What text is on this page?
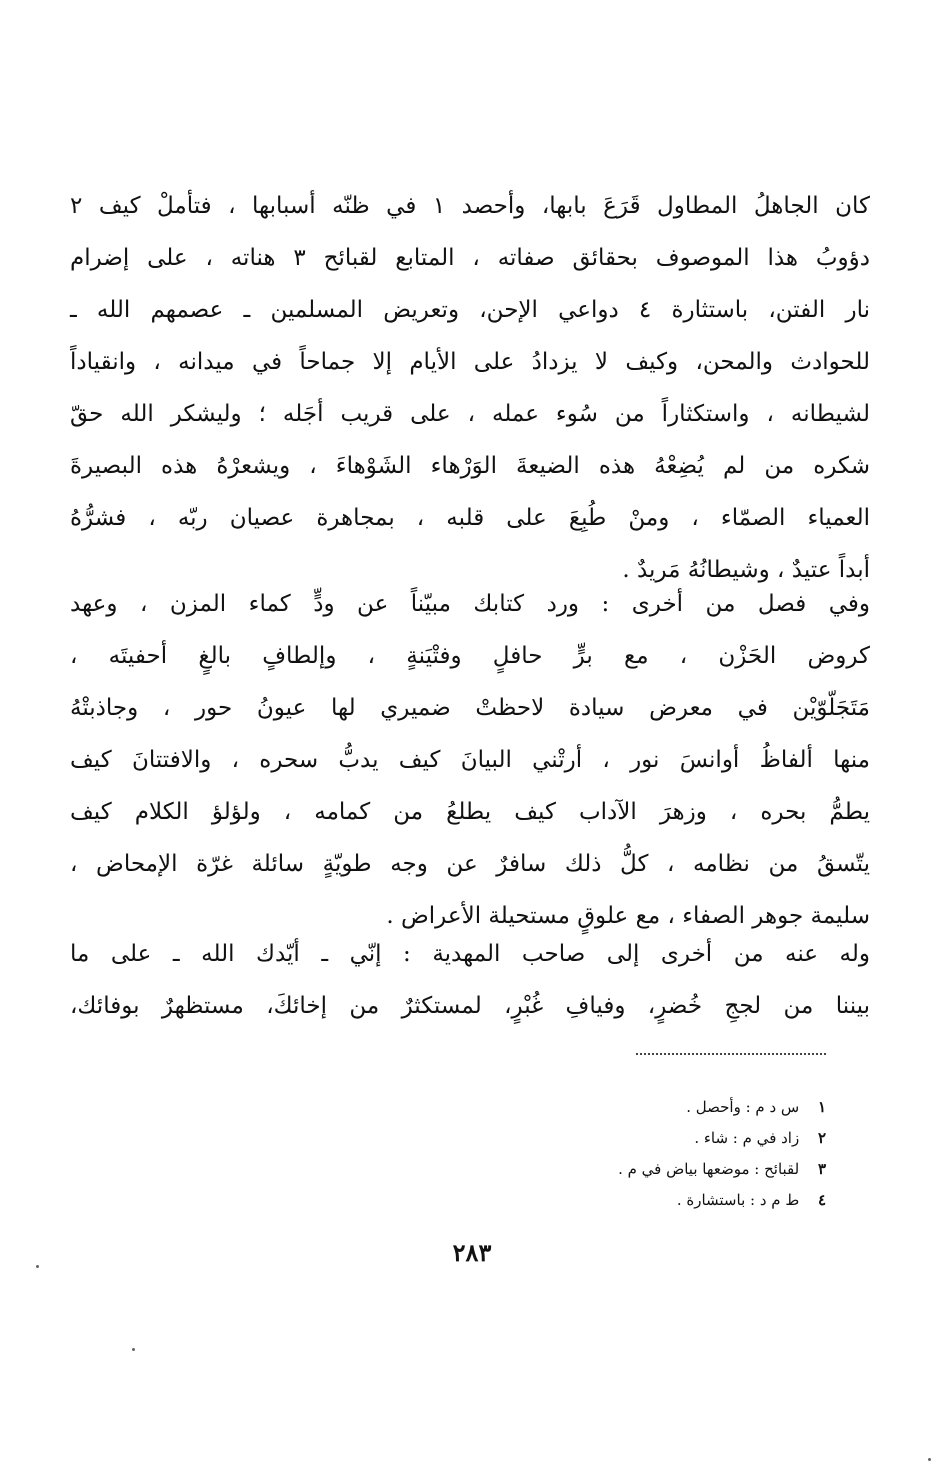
كان الجاهلُ المطاول قَرَعَ بابها، وأحصد ١ في ظنّه أسبابها ، فتأملْ كيف ٢
دؤوبُ هذا الموصوف بحقائق صفاته ، المتابع لقبائح ٣ هناته ، على إضرام
نار الفتن، باستثارة ٤ دواعي الإحن، وتعريض المسلمين ـ عصمهم الله ـ
للحوادث والمحن، وكيف لا يزدادُ على الأيام إلا جماحاً في ميدانه ، وانقياداً
لشيطانه ، واستكثاراً من سُوء عمله ، على قريب أجَله ؛ وليشكر الله حقّ
شكره من لم يُضِعْهُ هذه الضيعةَ الوَرْهاء الشَوْهاءَ ، ويشعرْهُ هذه البصيرةَ
العمياء الصمّاء ، ومنْ طُبِعَ على قلبه ، بمجاهرة عصيان ربّه ، فشرُّهُ
أبداً عتيدٌ ، وشيطانُهُ مَريدٌ .
وفي فصل من أخرى : ورد كتابك مبيّناً عن ودٍّ كماء المزن ، وعهد
كروض الحَزْن ، مع برٍّ حافلٍ وفتْيَنةٍ ، وإلطافٍ بالغٍ أحفيتَه ،
مَتَجَلّوّيْن في معرض سيادة لاحظتْ ضميري لها عيونُ حور ، وجاذبتْهُ
منها ألفاظُ أوانسَ نور ، أرتْني البيانَ كيف يدبُّ سحره ، والافتتانَ كيف
يطمُّ بحره ، وزهرَ الآداب كيف يطلعُ من كمامه ، ولؤلؤ الكلام كيف
يتّسقُ من نظامه ، كلُّ ذلك سافرٌ عن وجه طويّةٍ سائلة غرّة الإمحاض ،
سليمة جوهر الصفاء ، مع علوقٍ مستحيلة الأعراض .
وله عنه من أخرى إلى صاحب المهدية : إنّي ـ أيّدك الله ـ على ما
بيننا من لججِ خُضرٍ، وفيافِ غُبْرٍ، لمستكثرٌ من إخائكَ، مستظهرٌ بوفائك،
١ س د م : وأحصل .
٢ زاد في م : شاء .
٣ لقبائح : موضعها بياض في م .
٤ ط م د : باستشارة .
٢٨٣
